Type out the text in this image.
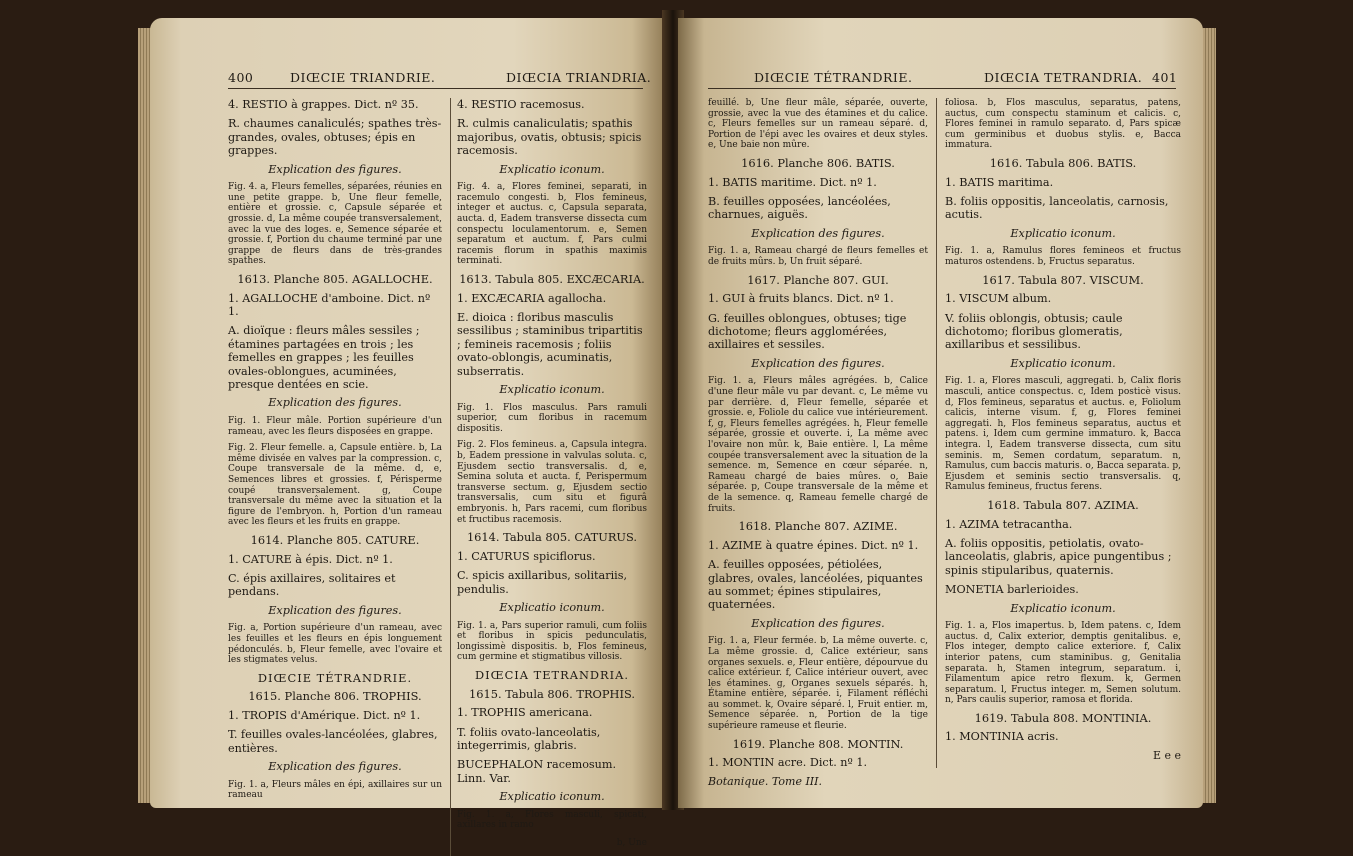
400	DIŒCIE TRIANDRIE.	DIŒCIA TRIANDRIA.

4. RESTIO à grappes. Dict. nº 35.

R. chaumes canaliculés; spathes très-grandes, ovales, obtuses; épis en grappes.

Explication des figures.

Fig. 4. a, Fleurs femelles, séparées, réunies en une petite grappe. b, Une fleur femelle, entière et grossie. c, Capsule séparée et grossie. d, La même coupée transversalement, avec la vue des loges. e, Semence séparée et grossie. f, Portion du chaume terminé par une grappe de fleurs dans de très-grandes spathes.

1613. Planche 805. AGALLOCHE.

1. AGALLOCHE d'amboine. Dict. nº 1.

A. dioïque : fleurs mâles sessiles ; étamines partagées en trois ; les femelles en grappes ; les feuilles ovales-oblongues, acuminées, presque dentées en scie.

Explication des figures.

Fig. 1. Fleur mâle. Portion supérieure d'un rameau, avec les fleurs disposées en grappe.

Fig. 2. Fleur femelle. a, Capsule entière. b, La même divisée en valves par la compression. c, Coupe transversale de la même. d, e, Semences libres et grossies. f, Périsperme coupé transversalement. g, Coupe transversale du même avec la situation et la figure de l'embryon. h, Portion d'un rameau avec les fleurs et les fruits en grappe.

1614. Planche 805. CATURE.

1. CATURE à épis. Dict. nº 1.

C. épis axillaires, solitaires et pendans.

Explication des figures.

Fig. a, Portion supérieure d'un rameau, avec les feuilles et les fleurs en épis longuement pédonculés. b, Fleur femelle, avec l'ovaire et les stigmates velus.

DIŒCIE TÉTRANDRIE.

1615. Planche 806. TROPHIS.

1. TROPIS d'Amérique. Dict. nº 1.

T. feuilles ovales-lancéolées, glabres, entières.

Explication des figures.

Fig. 1. a, Fleurs mâles en épi, axillaires sur un rameau

4. RESTIO racemosus.

R. culmis canaliculatis; spathis majoribus, ovatis, obtusis; spicis racemosis.

Explicatio iconum.

Fig. 4. a, Flores feminei, separati, in racemulo congesti. b, Flos femineus, integer et auctus. c, Capsula separata, aucta. d, Eadem transverse dissecta cum conspectu loculamentorum. e, Semen separatum et auctum. f, Pars culmi racemis florum in spathis maximis terminati.

1613. Tabula 805. EXCÆCARIA.

1. EXCÆCARIA agallocha.

E. dioica : floribus masculis sessilibus ; staminibus tripartitis ; femineis racemosis ; foliis ovato-oblongis, acuminatis, subserratis.

Explicatio iconum.

Fig. 1. Flos masculus. Pars ramuli superior, cum floribus in racemum dispositis.

Fig. 2. Flos femineus. a, Capsula integra. b, Eadem pressione in valvulas soluta. c, Ejusdem sectio transversalis. d, e, Semina soluta et aucta. f, Perispermum transverse sectum. g, Ejusdem sectio transversalis, cum situ et figurâ embryonis. h, Pars racemi, cum floribus et fructibus racemosis.

1614. Tabula 805. CATURUS.

1. CATURUS spiciflorus.

C. spicis axillaribus, solitariis, pendulis.

Explicatio iconum.

Fig. 1. a, Pars superior ramuli, cum foliis et floribus in spicis pedunculatis, longissimè dispositis. b, Flos femineus, cum germine et stigmatibus villosis.

DIŒCIA TETRANDRIA.

1615. Tabula 806. TROPHIS.

1. TROPHIS americana.

T. foliis ovato-lanceolatis, integerrimis, glabris.

BUCEPHALON racemosum. Linn. Var.

Explicatio iconum.

Fig. 1. a, Flores masculi, spicati, axillares in ramo

b, Une

DIŒCIE TÉTRANDRIE.	DIŒCIA TETRANDRIA. 401

feuillé. b, Une fleur mâle, séparée, ouverte, grossie, avec la vue des étamines et du calice. c, Fleurs femelles sur un rameau séparé. d, Portion de l'épi avec les ovaires et deux styles. e, Une baie non mûre.

1616. Planche 806. BATIS.

1. BATIS maritime. Dict. nº 1.

B. feuilles opposées, lancéolées, charnues, aiguës.

Explication des figures.

Fig. 1. a, Rameau chargé de fleurs femelles et de fruits mûrs. b, Un fruit séparé.

1617. Planche 807. GUI.

1. GUI à fruits blancs. Dict. nº 1.

G. feuilles oblongues, obtuses; tige dichotome; fleurs agglomérées, axillaires et sessiles.

Explication des figures.

Fig. 1. a, Fleurs mâles agrégées. b, Calice d'une fleur mâle vu par devant. c, Le même vu par derrière. d, Fleur femelle, séparée et grossie. e, Foliole du calice vue intérieurement. f, g, Fleurs femelles agrégées. h, Fleur femelle séparée, grossie et ouverte. i, La même avec l'ovaire non mûr. k, Baie entière. l, La même coupée transversalement avec la situation de la semence. m, Semence en cœur séparée. n, Rameau chargé de baies mûres. o, Baie séparée. p, Coupe transversale de la même et de la semence. q, Rameau femelle chargé de fruits.

1618. Planche 807. AZIME.

1. AZIME à quatre épines. Dict. nº 1.

A. feuilles opposées, pétiolées, glabres, ovales, lancéolées, piquantes au sommet; épines stipulaires, quaternées.

Explication des figures.

Fig. 1. a, Fleur fermée. b, La même ouverte. c, La même grossie. d, Calice extérieur, sans organes sexuels. e, Fleur entière, dépourvue du calice extérieur. f, Calice intérieur ouvert, avec les étamines. g, Organes sexuels séparés. h, Étamine entière, séparée. i, Filament réfléchi au sommet. k, Ovaire séparé. l, Fruit entier. m, Semence séparée. n, Portion de la tige supérieure rameuse et fleurie.

1619. Planche 808. MONTIN.

1. MONTIN acre. Dict. nº 1.

Botanique. Tome III.

foliosa. b, Flos masculus, separatus, patens, auctus, cum conspectu staminum et calicis. c, Flores feminei in ramulo separato. d, Pars spicæ cum germinibus et duobus stylis. e, Bacca immatura.

1616. Tabula 806. BATIS.

1. BATIS maritima.

B. foliis oppositis, lanceolatis, carnosis, acutis.

Explicatio iconum.

Fig. 1. a, Ramulus flores femineos et fructus maturos ostendens. b, Fructus separatus.

1617. Tabula 807. VISCUM.

1. VISCUM album.

V. foliis oblongis, obtusis; caule dichotomo; floribus glomeratis, axillaribus et sessilibus.

Explicatio iconum.

Fig. 1. a, Flores masculi, aggregati. b, Calix floris masculi, antice conspectus. c, Idem posticè visus. d, Flos femineus, separatus et auctus. e, Foliolum calicis, interne visum. f, g, Flores feminei aggregati. h, Flos femineus separatus, auctus et patens. i, Idem cum germine immaturo. k, Bacca integra. l, Eadem transverse dissecta, cum situ seminis. m, Semen cordatum, separatum. n, Ramulus, cum baccis maturis. o, Bacca separata. p, Ejusdem et seminis sectio transversalis. q, Ramulus femineus, fructus ferens.

1618. Tabula 807. AZIMA.

1. AZIMA tetracantha.

A. foliis oppositis, petiolatis, ovato-lanceolatis, glabris, apice pungentibus ; spinis stipularibus, quaternis.

MONETIA barlerioides.

Explicatio iconum.

Fig. 1. a, Flos imapertus. b, Idem patens. c, Idem auctus. d, Calix exterior, demptis genitalibus. e, Flos integer, dempto calice exteriore. f, Calix interior patens, cum staminibus. g, Genitalia separata. h, Stamen integrum, separatum. i, Filamentum apice retro flexum. k, Germen separatum. l, Fructus integer. m, Semen solutum. n, Pars caulis superior, ramosa et florida.

1619. Tabula 808. MONTINIA.

1. MONTINIA acris.

E e e
